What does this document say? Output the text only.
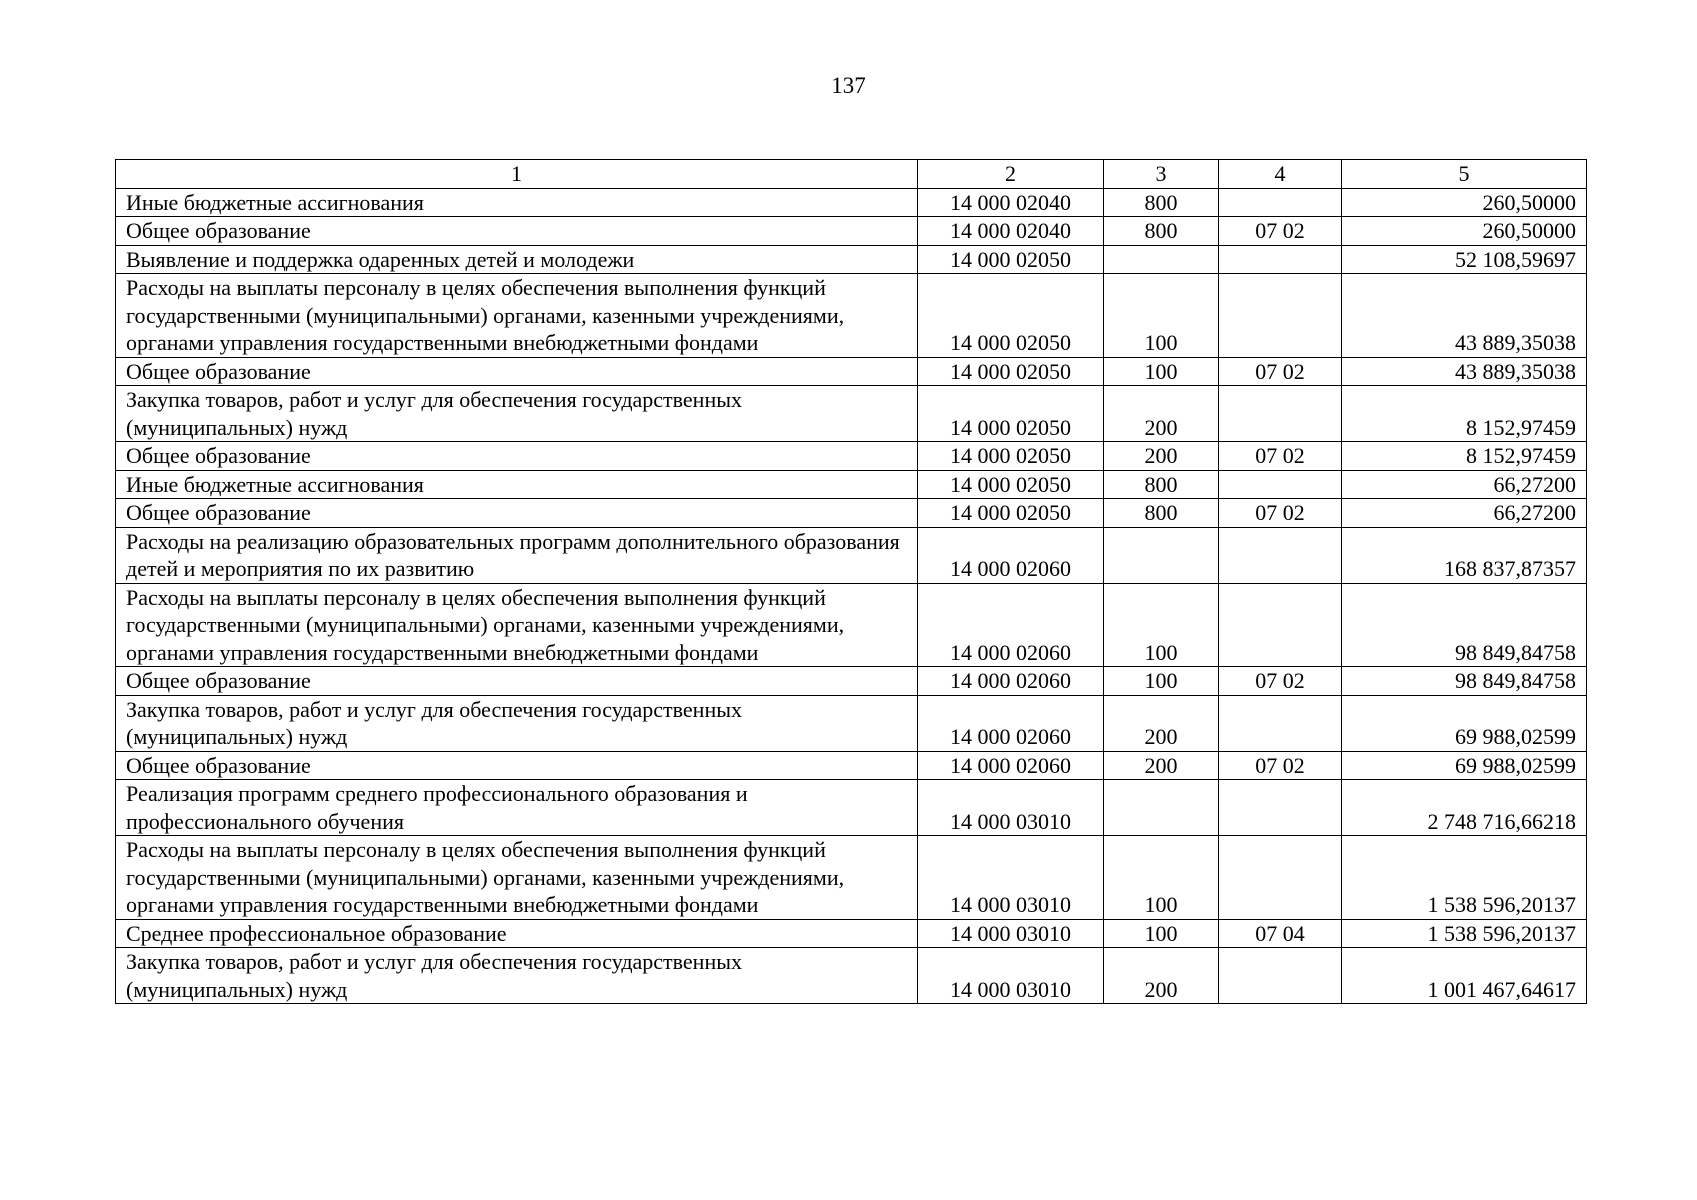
137
1	2	3	4	5
Иные бюджетные ассигнования	14 000 02040	800		260,50000
Общее образование	14 000 02040	800	07 02	260,50000
Выявление и поддержка одаренных детей и молодежи	14 000 02050			52 108,59697
Расходы на выплаты персоналу в целях обеспечения выполнения функций государственными (муниципальными) органами, казенными учреждениями, органами управления государственными внебюджетными фондами	14 000 02050	100		43 889,35038
Общее образование	14 000 02050	100	07 02	43 889,35038
Закупка товаров, работ и услуг для обеспечения государственных (муниципальных) нужд	14 000 02050	200		8 152,97459
Общее образование	14 000 02050	200	07 02	8 152,97459
Иные бюджетные ассигнования	14 000 02050	800		66,27200
Общее образование	14 000 02050	800	07 02	66,27200
Расходы на реализацию образовательных программ дополнительного образования детей и мероприятия по их развитию	14 000 02060			168 837,87357
Расходы на выплаты персоналу в целях обеспечения выполнения функций государственными (муниципальными) органами, казенными учреждениями, органами управления государственными внебюджетными фондами	14 000 02060	100		98 849,84758
Общее образование	14 000 02060	100	07 02	98 849,84758
Закупка товаров, работ и услуг для обеспечения государственных (муниципальных) нужд	14 000 02060	200		69 988,02599
Общее образование	14 000 02060	200	07 02	69 988,02599
Реализация программ среднего профессионального образования и профессионального обучения	14 000 03010			2 748 716,66218
Расходы на выплаты персоналу в целях обеспечения выполнения функций государственными (муниципальными) органами, казенными учреждениями, органами управления государственными внебюджетными фондами	14 000 03010	100		1 538 596,20137
Среднее профессиональное образование	14 000 03010	100	07 04	1 538 596,20137
Закупка товаров, работ и услуг для обеспечения государственных (муниципальных) нужд	14 000 03010	200		1 001 467,64617
